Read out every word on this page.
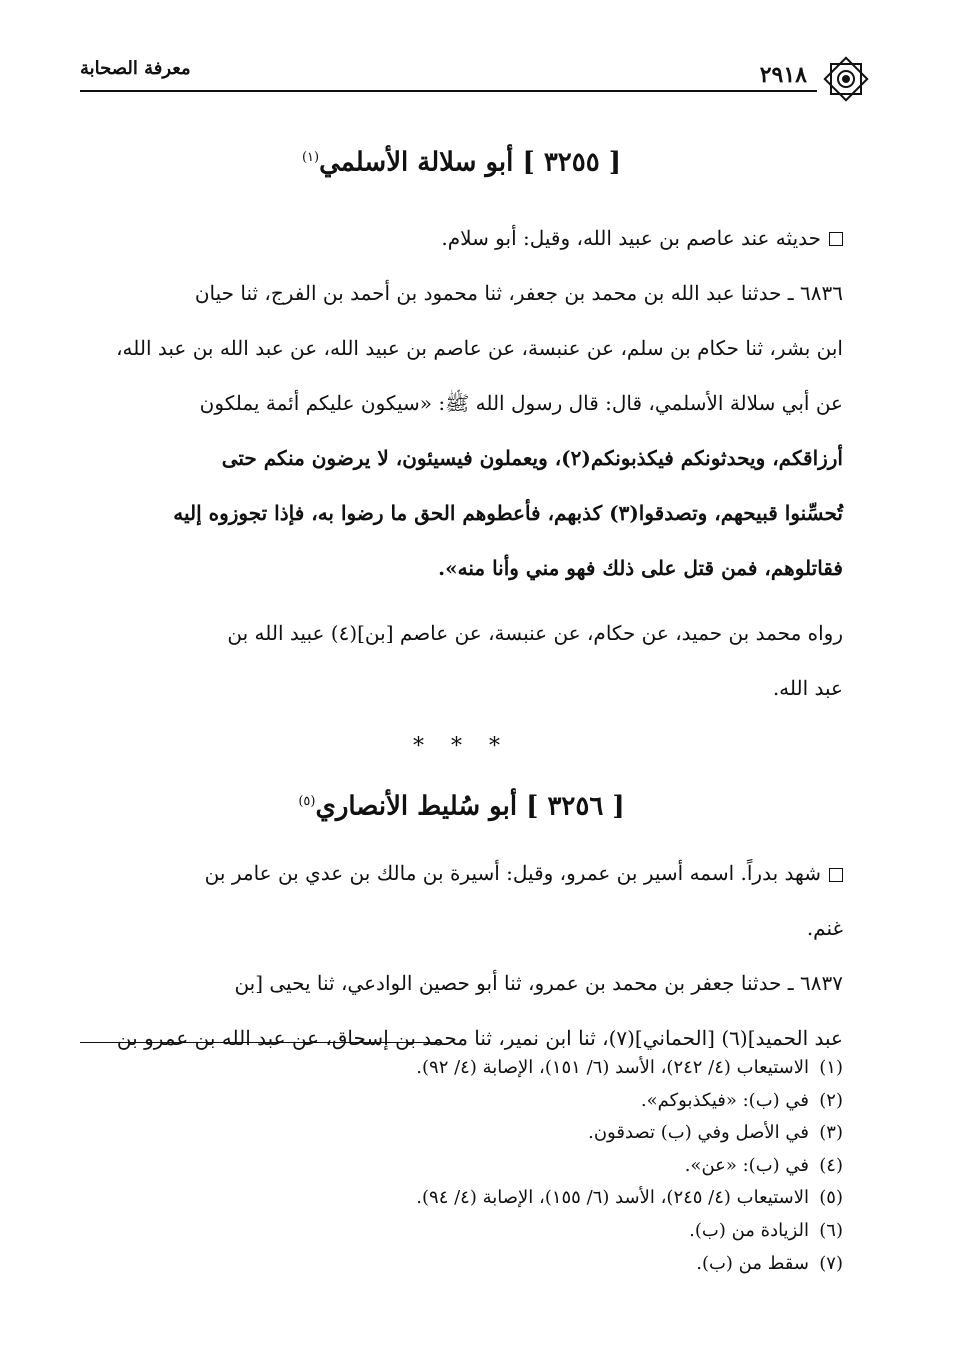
معرفة الصحابة	٢٩١٨
[ ٣٢٥٥ ] أبو سلالة الأسلمي$^{(١)}$

حديثه عند عاصم بن عبيد الله، وقيل: أبو سلام.

٦٨٣٦ ـ حدثنا عبد الله بن محمد بن جعفر، ثنا محمود بن أحمد بن الفرج، ثنا حيان

ابن بشر، ثنا حكام بن سلم، عن عنبسة، عن عاصم بن عبيد الله، عن عبد الله بن عبد الله،

عن أبي سلالة الأسلمي، قال: قال رسول الله ﷺ: «سيكون عليكم أئمة يملكون

أرزاقكم، ويحدثونكم فيكذبونكم(٢)، ويعملون فيسيئون، لا يرضون منكم حتى

تُحسِّنوا قبيحهم، وتصدقوا(٣) كذبهم، فأعطوهم الحق ما رضوا به، فإذا تجوزوه إليه

فقاتلوهم، فمن قتل على ذلك فهو مني وأنا منه».

رواه محمد بن حميد، عن حكام، عن عنبسة، عن عاصم [بن](٤) عبيد الله بن

عبد الله.

* * *
[ ٣٢٥٦ ] أبو سُليط الأنصاري$^{(٥)}$

شهد بدراً. اسمه أسير بن عمرو، وقيل: أسيرة بن مالك بن عدي بن عامر بن

غنم.

٦٨٣٧ ـ حدثنا جعفر بن محمد بن عمرو، ثنا أبو حصين الوادعي، ثنا يحيى [بن

عبد الحميد](٦) [الحماني](٧)، ثنا ابن نمير، ثنا محمد بن إسحاق، عن عبد الله بن عمرو بن

(١)الاستيعاب (٤/ ٢٤٢)، الأسد (٦/ ١٥١)، الإصابة (٤/ ٩٢).
(٢)في (ب): «فيكذبوكم».
(٣)في الأصل وفي (ب) تصدقون.
(٤)في (ب): «عن».
(٥)الاستيعاب (٤/ ٢٤٥)، الأسد (٦/ ١٥٥)، الإصابة (٤/ ٩٤).
(٦)الزيادة من (ب).
(٧)سقط من (ب).
